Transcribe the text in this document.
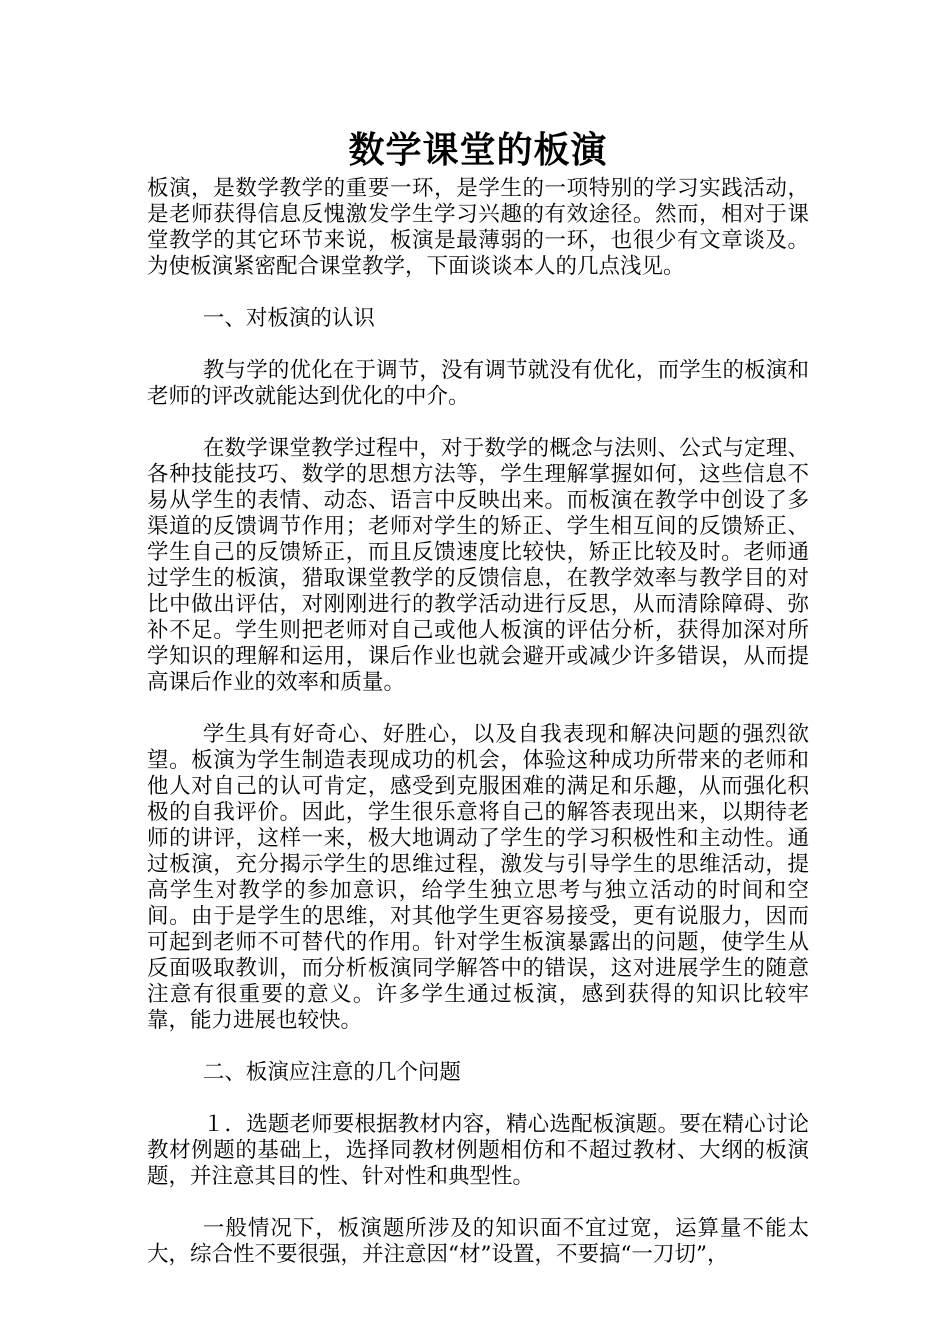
数学课堂的板演

板演，是数学教学的重要一环，是学生的一项特别的学习实践活动，是老师获得信息反愧激发学生学习兴趣的有效途径。然而，相对于课堂教学的其它环节来说，板演是最薄弱的一环，也很少有文章谈及。为使板演紧密配合课堂教学，下面谈谈本人的几点浅见。

一、对板演的认识

教与学的优化在于调节，没有调节就没有优化，而学生的板演和老师的评改就能达到优化的中介。

在数学课堂教学过程中，对于数学的概念与法则、公式与定理、各种技能技巧、数学的思想方法等，学生理解掌握如何，这些信息不易从学生的表情、动态、语言中反映出来。而板演在教学中创设了多渠道的反馈调节作用；老师对学生的矫正、学生相互间的反馈矫正、学生自己的反馈矫正，而且反馈速度比较快，矫正比较及时。老师通过学生的板演，猎取课堂教学的反馈信息，在教学效率与教学目的对比中做出评估，对刚刚进行的教学活动进行反思，从而清除障碍、弥补不足。学生则把老师对自己或他人板演的评估分析，获得加深对所学知识的理解和运用，课后作业也就会避开或减少许多错误，从而提高课后作业的效率和质量。

学生具有好奇心、好胜心，以及自我表现和解决问题的强烈欲望。板演为学生制造表现成功的机会，体验这种成功所带来的老师和他人对自己的认可肯定，感受到克服困难的满足和乐趣，从而强化积极的自我评价。因此，学生很乐意将自己的解答表现出来，以期待老师的讲评，这样一来，极大地调动了学生的学习积极性和主动性。通过板演，充分揭示学生的思维过程，激发与引导学生的思维活动，提高学生对教学的参加意识，给学生独立思考与独立活动的时间和空间。由于是学生的思维，对其他学生更容易接受，更有说服力，因而可起到老师不可替代的作用。针对学生板演暴露出的问题，使学生从反面吸取教训，而分析板演同学解答中的错误，这对进展学生的随意注意有很重要的意义。许多学生通过板演，感到获得的知识比较牢靠，能力进展也较快。

二、板演应注意的几个问题

１．选题老师要根据教材内容，精心选配板演题。要在精心讨论教材例题的基础上，选择同教材例题相仿和不超过教材、大纲的板演题，并注意其目的性、针对性和典型性。

一般情况下，板演题所涉及的知识面不宜过宽，运算量不能太大，综合性不要很强，并注意因“材”设置，不要搞“一刀切”，
